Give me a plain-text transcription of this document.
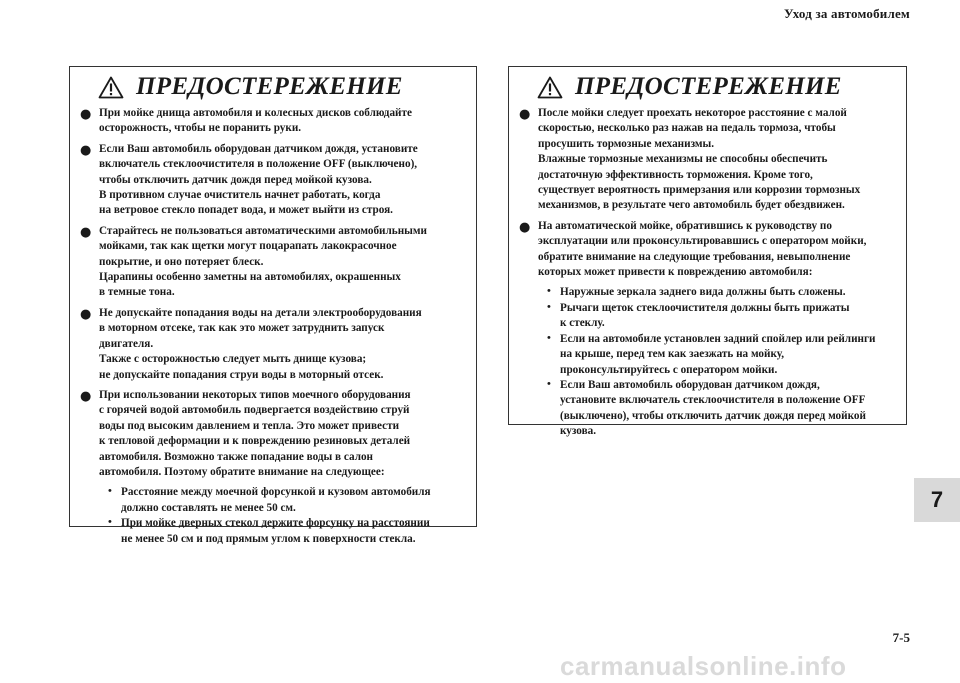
Уход за автомобилем
ПРЕДОСТЕРЕЖЕНИЕ
● При мойке днища автомобиля и колесных дисков соблюдайте
осторожность, чтобы не поранить руки.
● Если Ваш автомобиль оборудован датчиком дождя, установите
включатель стеклоочистителя в положение OFF (выключено),
чтобы отключить датчик дождя перед мойкой кузова.
В противном случае очиститель начнет работать, когда
на ветровое стекло попадет вода, и может выйти из строя.
● Старайтесь не пользоваться автоматическими автомобильными
мойками, так как щетки могут поцарапать лакокрасочное
покрытие, и оно потеряет блеск.
Царапины особенно заметны на автомобилях, окрашенных
в темные тона.
● Не допускайте попадания воды на детали электрооборудования
в моторном отсеке, так как это может затруднить запуск
двигателя.
Также с осторожностью следует мыть днище кузова;
не допускайте попадания струи воды в моторный отсек.
● При использовании некоторых типов моечного оборудования
с горячей водой автомобиль подвергается воздействию струй
воды под высоким давлением и тепла. Это может привести
к тепловой деформации и к повреждению резиновых деталей
автомобиля. Возможно также попадание воды в салон
автомобиля. Поэтому обратите внимание на следующее:
• Расстояние между моечной форсункой и кузовом автомобиля
должно составлять не менее 50 см.
• При мойке дверных стекол держите форсунку на расстоянии
не менее 50 см и под прямым углом к поверхности стекла.
ПРЕДОСТЕРЕЖЕНИЕ
● После мойки следует проехать некоторое расстояние с малой
скоростью, несколько раз нажав на педаль тормоза, чтобы
просушить тормозные механизмы.
Влажные тормозные механизмы не способны обеспечить
достаточную эффективность торможения. Кроме того,
существует вероятность примерзания или коррозии тормозных
механизмов, в результате чего автомобиль будет обездвижен.
● На автоматической мойке, обратившись к руководству по
эксплуатации или проконсультировавшись с оператором мойки,
обратите внимание на следующие требования, невыполнение
которых может привести к повреждению автомобиля:
• Наружные зеркала заднего вида должны быть сложены.
• Рычаги щеток стеклоочистителя должны быть прижаты
к стеклу.
• Если на автомобиле установлен задний спойлер или рейлинги
на крыше, перед тем как заезжать на мойку,
проконсультируйтесь с оператором мойки.
• Если Ваш автомобиль оборудован датчиком дождя,
установите включатель стеклоочистителя в положение OFF
(выключено), чтобы отключить датчик дождя перед мойкой
кузова.
7
7-5
carmanualsonline.info
